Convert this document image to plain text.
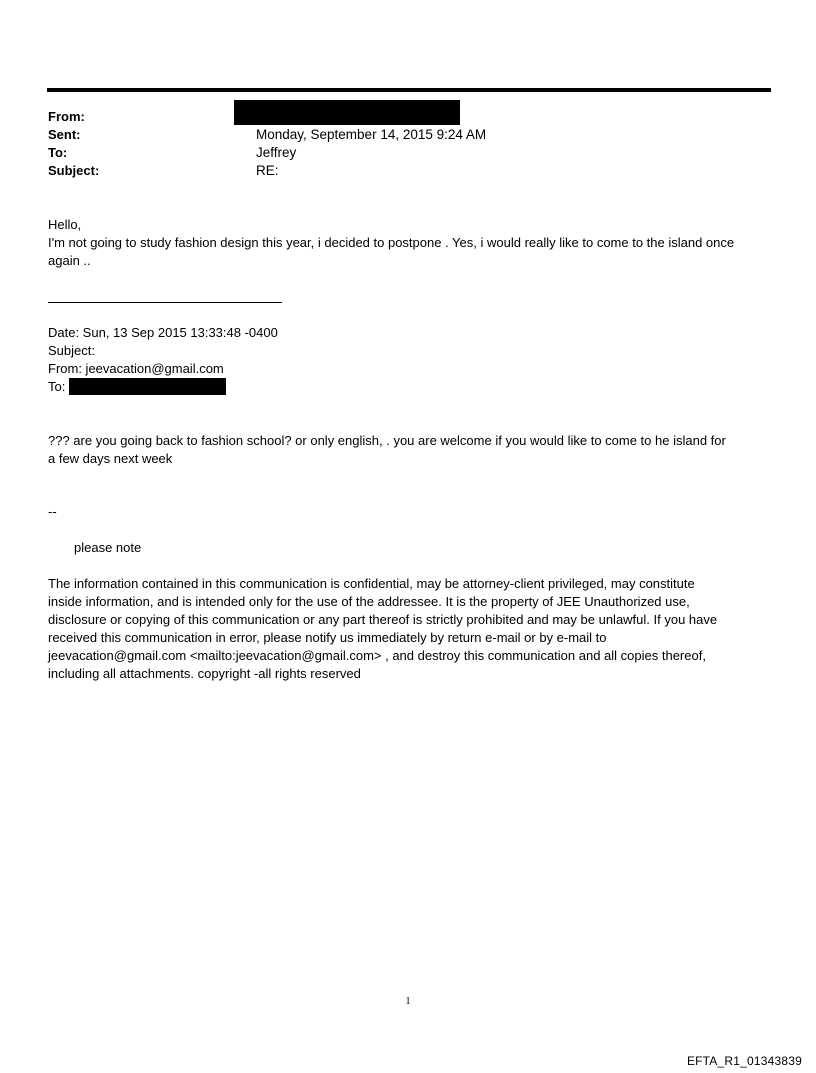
From:
Sent:	Monday, September 14, 2015 9:24 AM
To:	Jeffrey
Subject:	RE:
Hello,
I'm not going to study fashion design this year, i decided to postpone . Yes, i would really like to come to the island once
again ..
Date: Sun, 13 Sep 2015 13:33:48 -0400
Subject:
From: jeevacation@gmail.com
To:
??? are you going back to fashion school? or only english, . you are welcome if you would like to come to he island for
a few days next week
--
please note
The information contained in this communication is confidential, may be attorney-client privileged, may constitute
inside information, and is intended only for the use of the addressee. It is the property of JEE Unauthorized use,
disclosure or copying of this communication or any part thereof is strictly prohibited and may be unlawful. If you have
received this communication in error, please notify us immediately by return e-mail or by e-mail to
jeevacation@gmail.com <mailto:jeevacation@gmail.com> , and destroy this communication and all copies thereof,
including all attachments. copyright -all rights reserved
1
EFTA_R1_01343839
